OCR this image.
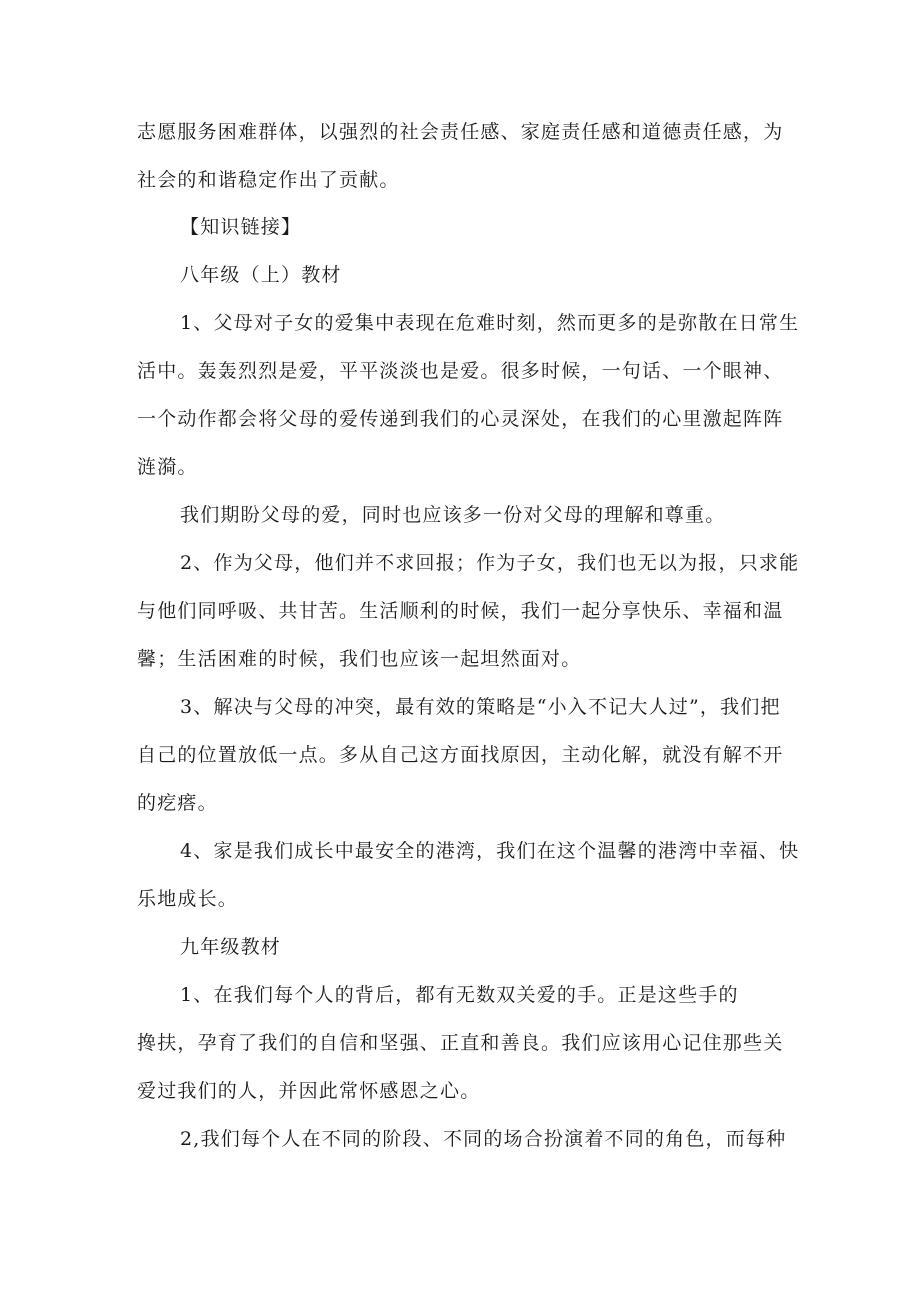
志愿服务困难群体，以强烈的社会责任感、家庭责任感和道德责任感，为
社会的和谐稳定作出了贡献。
【知识链接】
八年级（上）教材
1、父母对子女的爱集中表现在危难时刻，然而更多的是弥散在日常生
活中。轰轰烈烈是爱，平平淡淡也是爱。很多时候，一句话、一个眼神、
一个动作都会将父母的爱传递到我们的心灵深处，在我们的心里激起阵阵
涟漪。
我们期盼父母的爱，同时也应该多一份对父母的理解和尊重。
2、作为父母，他们并不求回报；作为子女，我们也无以为报，只求能
与他们同呼吸、共甘苦。生活顺利的时候，我们一起分享快乐、幸福和温
馨；生活困难的时候，我们也应该一起坦然面对。
3、解决与父母的冲突，最有效的策略是“小入不记大人过”，我们把
自己的位置放低一点。多从自己这方面找原因，主动化解，就没有解不开
的疙瘩。
4、家是我们成长中最安全的港湾，我们在这个温馨的港湾中幸福、快
乐地成长。
九年级教材
1、在我们每个人的背后，都有无数双关爱的手。正是这些手的
搀扶，孕育了我们的自信和坚强、正直和善良。我们应该用心记住那些关
爱过我们的人，并因此常怀感恩之心。
2,我们每个人在不同的阶段、不同的场合扮演着不同的角色，而每种
